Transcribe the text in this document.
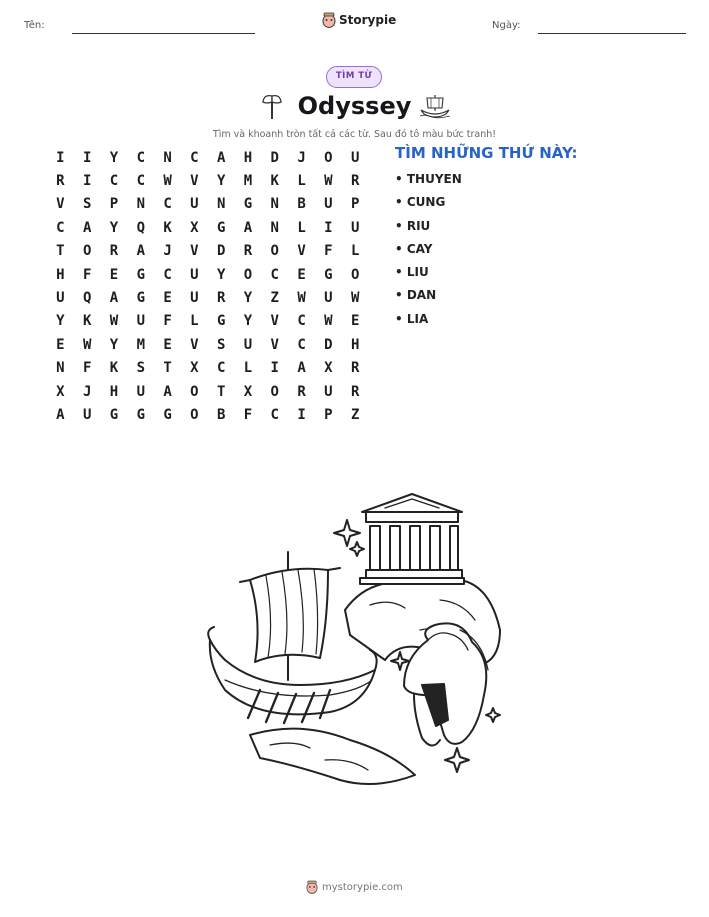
Tên:	Storypie	Ngày:
TÌM TỪ
Odyssey
Tìm và khoanh tròn tất cả các từ. Sau đó tô màu bức tranh!
I	I	Y	C	N	C	A	H	D	J	O	U
R	I	C	C	W	V	Y	M	K	L	W	R
V	S	P	N	C	U	N	G	N	B	U	P
C	A	Y	Q	K	X	G	A	N	L	I	U
T	O	R	A	J	V	D	R	O	V	F	L
H	F	E	G	C	U	Y	O	C	E	G	O
U	Q	A	G	E	U	R	Y	Z	W	U	W
Y	K	W	U	F	L	G	Y	V	C	W	E
E	W	Y	M	E	V	S	U	V	C	D	H
N	F	K	S	T	X	C	L	I	A	X	R
X	J	H	U	A	O	T	X	O	R	U	R
A	U	G	G	G	O	B	F	C	I	P	Z
TÌM NHỮNG THỨ NÀY:
• THUYEN
• CUNG
• RIU
• CAY
• LIU
• DAN
• LIA
mystorypie.com
